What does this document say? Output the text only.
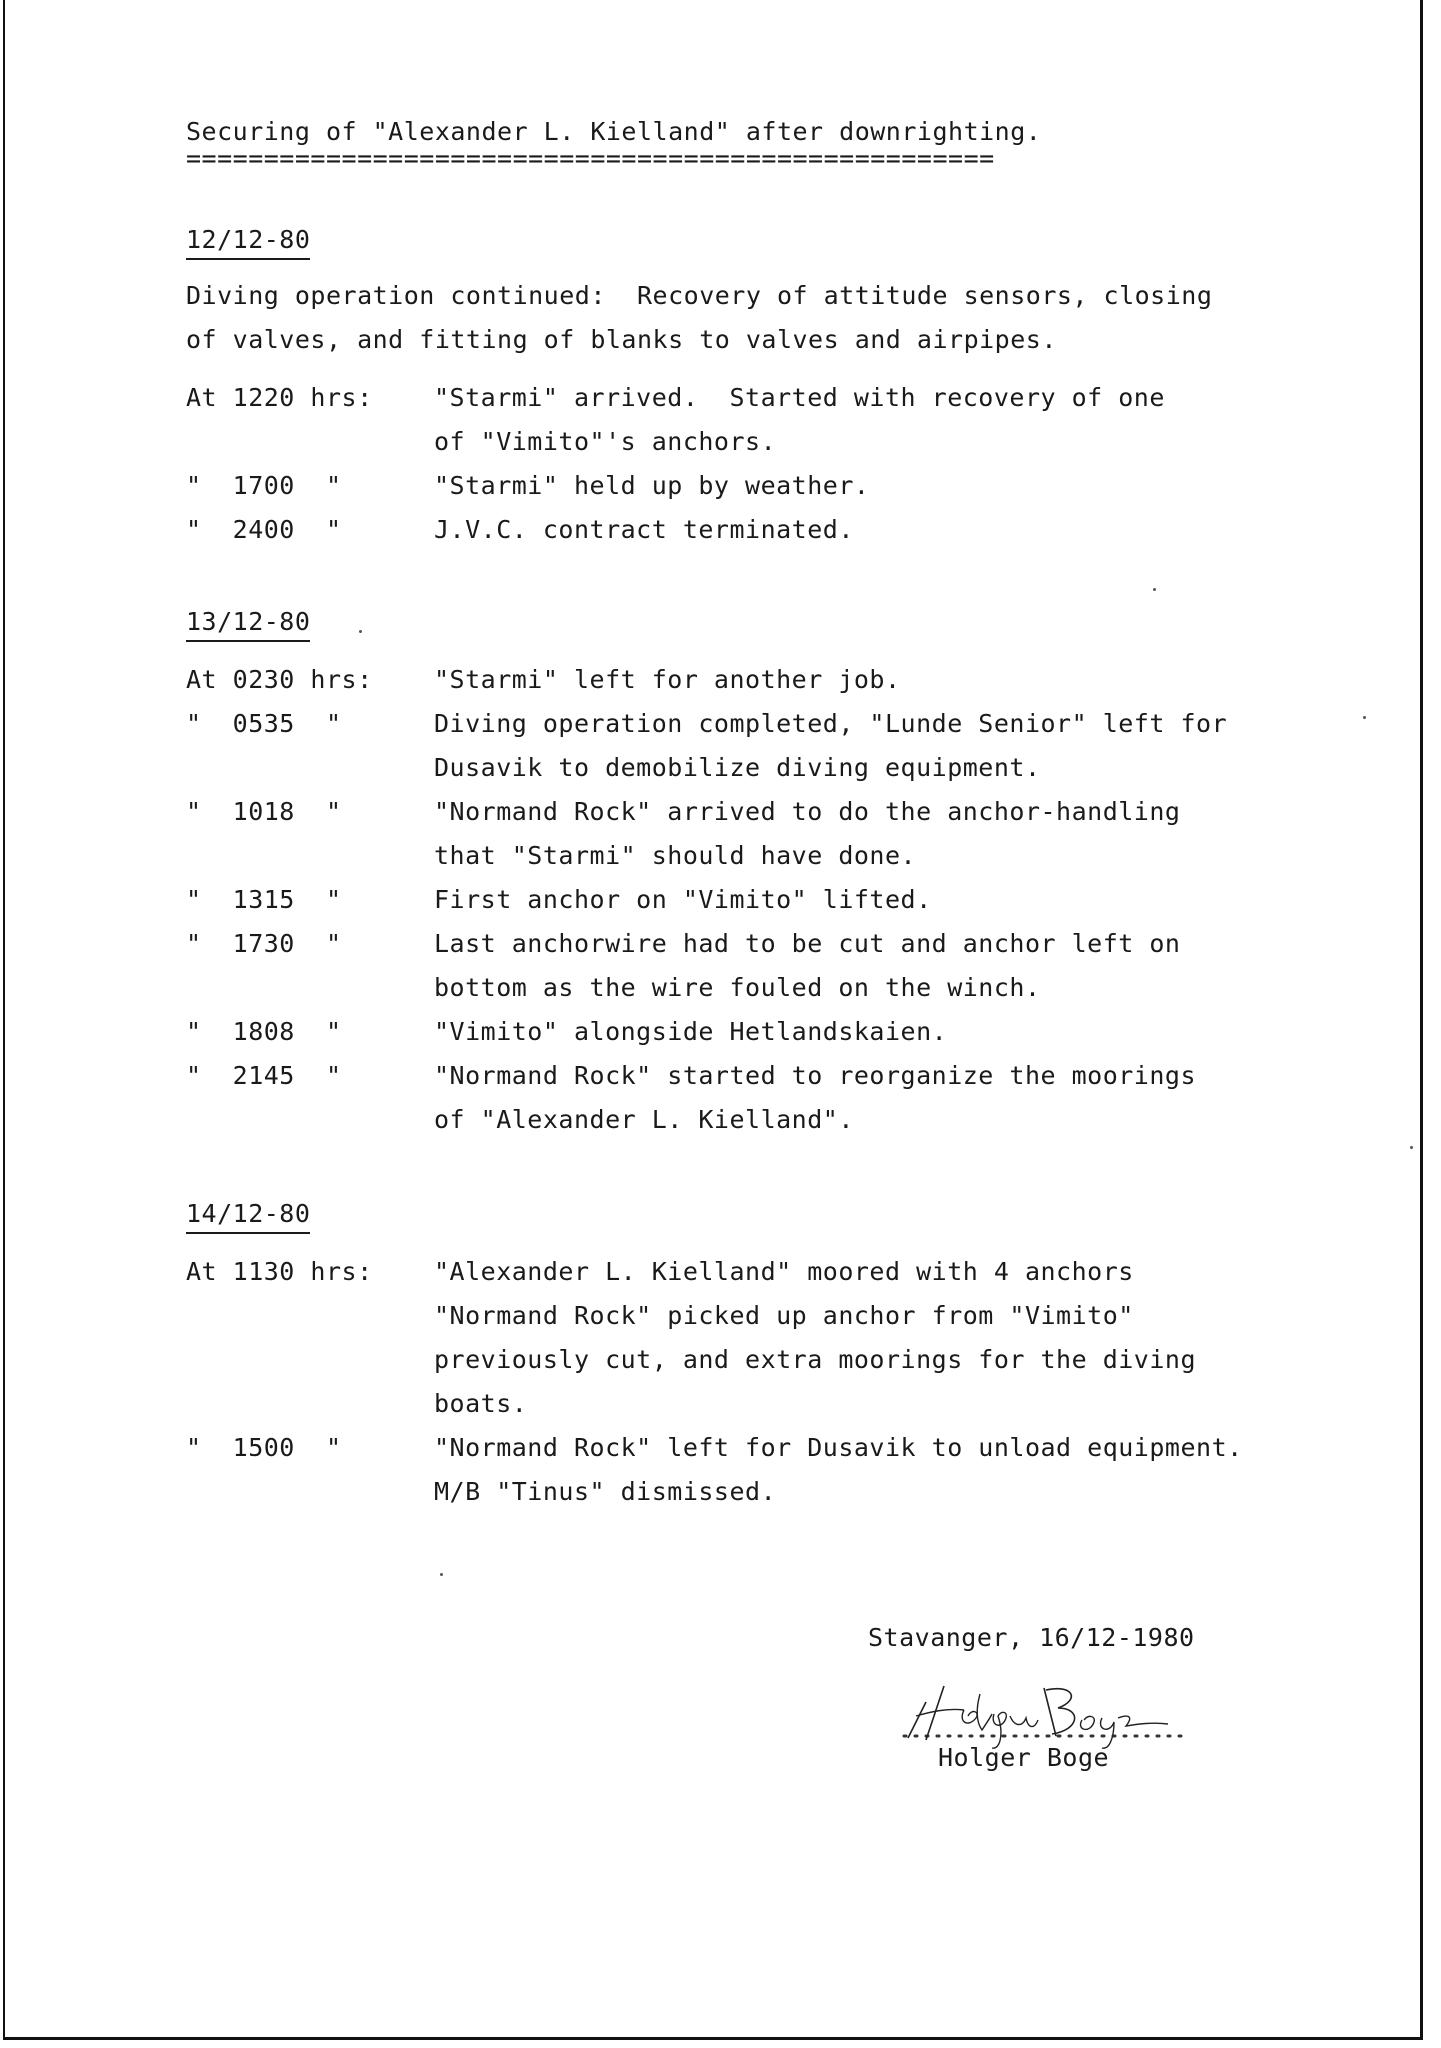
Securing of "Alexander L. Kielland" after downrighting.
====================================================
12/12-80
Diving operation continued:  Recovery of attitude sensors, closing
of valves, and fitting of blanks to valves and airpipes.
At 1220 hrs:	"Starmi" arrived.  Started with recovery of one
of "Vimito"'s anchors.
"  1700  "	"Starmi" held up by weather.
"  2400  "	J.V.C. contract terminated.
13/12-80
At 0230 hrs:	"Starmi" left for another job.
"  0535  "	Diving operation completed, "Lunde Senior" left for
Dusavik to demobilize diving equipment.
"  1018  "	"Normand Rock" arrived to do the anchor-handling
that "Starmi" should have done.
"  1315  "	First anchor on "Vimito" lifted.
"  1730  "	Last anchorwire had to be cut and anchor left on
bottom as the wire fouled on the winch.
"  1808  "	"Vimito" alongside Hetlandskaien.
"  2145  "	"Normand Rock" started to reorganize the moorings
of "Alexander L. Kielland".
14/12-80
At 1130 hrs:	"Alexander L. Kielland" moored with 4 anchors
"Normand Rock" picked up anchor from "Vimito"
previously cut, and extra moorings for the diving
boats.
"  1500  "	"Normand Rock" left for Dusavik to unload equipment.
M/B "Tinus" dismissed.
Stavanger, 16/12-1980
Holger Boge
